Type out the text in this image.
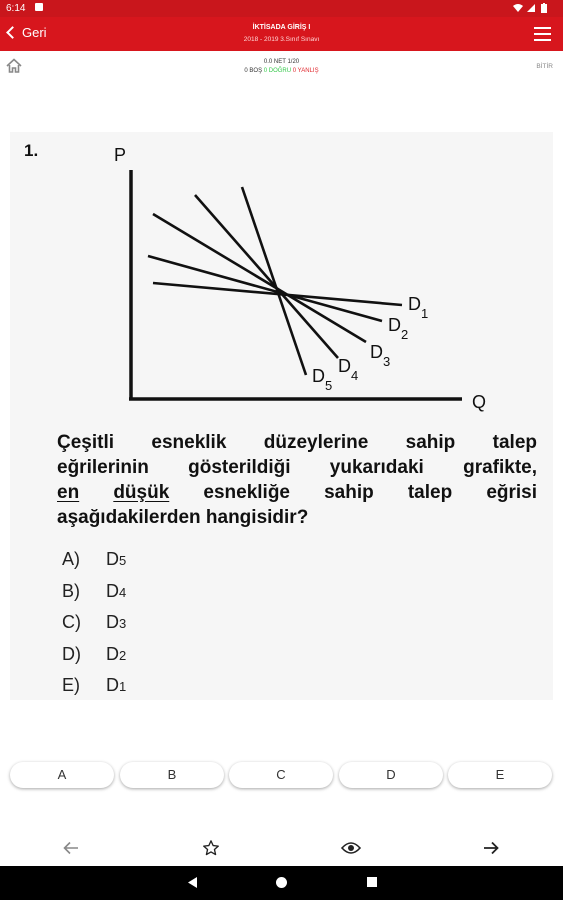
6:14
Geri	İKTİSADA GİRİŞ I
2018 - 2019 3.Sınıf Sınavı
0.0 NET 1/20
0 BOŞ 0 DOĞRU 0 YANLIŞ
BİTİR
1.	P
Q
$D_1$
$D_2$
$D_3$
$D_4$
$D_5$
Çeşitli esneklik düzeylerine sahip talep
eğrilerinin gösterildiği yukarıdaki grafikte,
en düşük esnekliğe sahip talep eğrisi
aşağıdakilerden hangisidir?
A)	D 5
B)	D 4
C)	D 3
D)	D 2
E)	D 1
A	B	C	D	E
